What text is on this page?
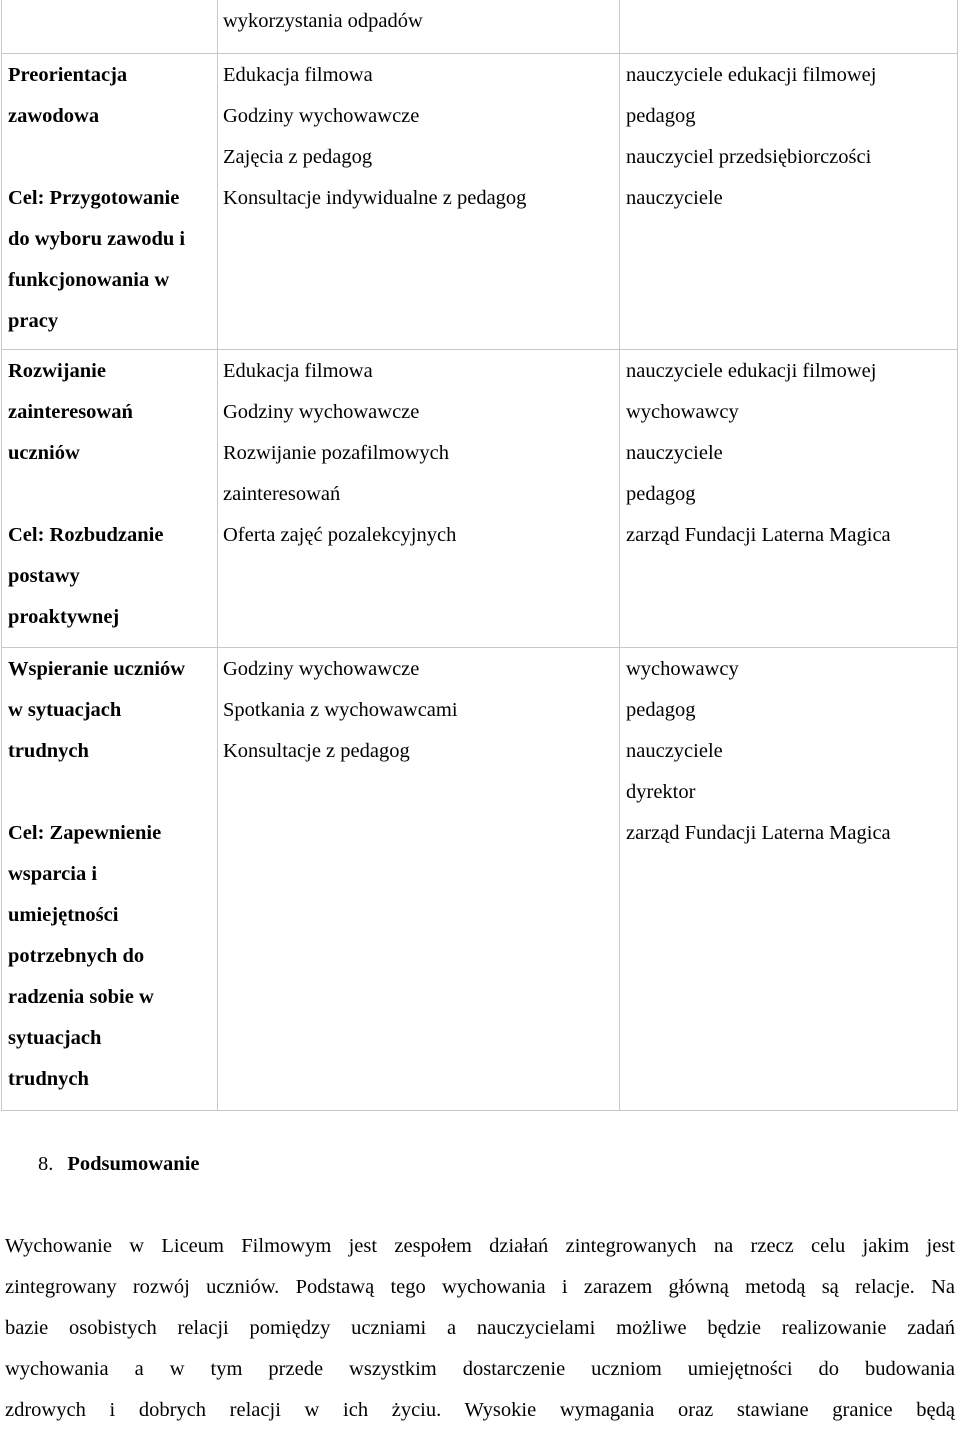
wykorzystania odpadów
Preorientacja
zawodowa
Cel: Przygotowanie
do wyboru zawodu i
funkcjonowania w
pracy
Edukacja filmowa
Godziny wychowawcze
Zajęcia z pedagog
Konsultacje indywidualne z pedagog
nauczyciele edukacji filmowej
pedagog
nauczyciel przedsiębiorczości
nauczyciele
Rozwijanie
zainteresowań
uczniów
Cel: Rozbudzanie
postawy
proaktywnej
Edukacja filmowa
Godziny wychowawcze
Rozwijanie pozafilmowych
zainteresowań
Oferta zajęć pozalekcyjnych
nauczyciele edukacji filmowej
wychowawcy
nauczyciele
pedagog
zarząd Fundacji Laterna Magica
Wspieranie uczniów
w sytuacjach
trudnych
Cel: Zapewnienie
wsparcia i
umiejętności
potrzebnych do
radzenia sobie w
sytuacjach
trudnych
Godziny wychowawcze
Spotkania z wychowawcami
Konsultacje z pedagog
wychowawcy
pedagog
nauczyciele
dyrektor
zarząd Fundacji Laterna Magica
8. Podsumowanie
Wychowanie w Liceum Filmowym jest zespołem działań zintegrowanych na rzecz celu jakim jest
zintegrowany rozwój uczniów. Podstawą tego wychowania i zarazem główną metodą są relacje. Na
bazie osobistych relacji pomiędzy uczniami a nauczycielami możliwe będzie realizowanie zadań
wychowania a w tym przede wszystkim dostarczenie uczniom umiejętności do budowania
zdrowych i dobrych relacji w ich życiu. Wysokie wymagania oraz stawiane granice będą
